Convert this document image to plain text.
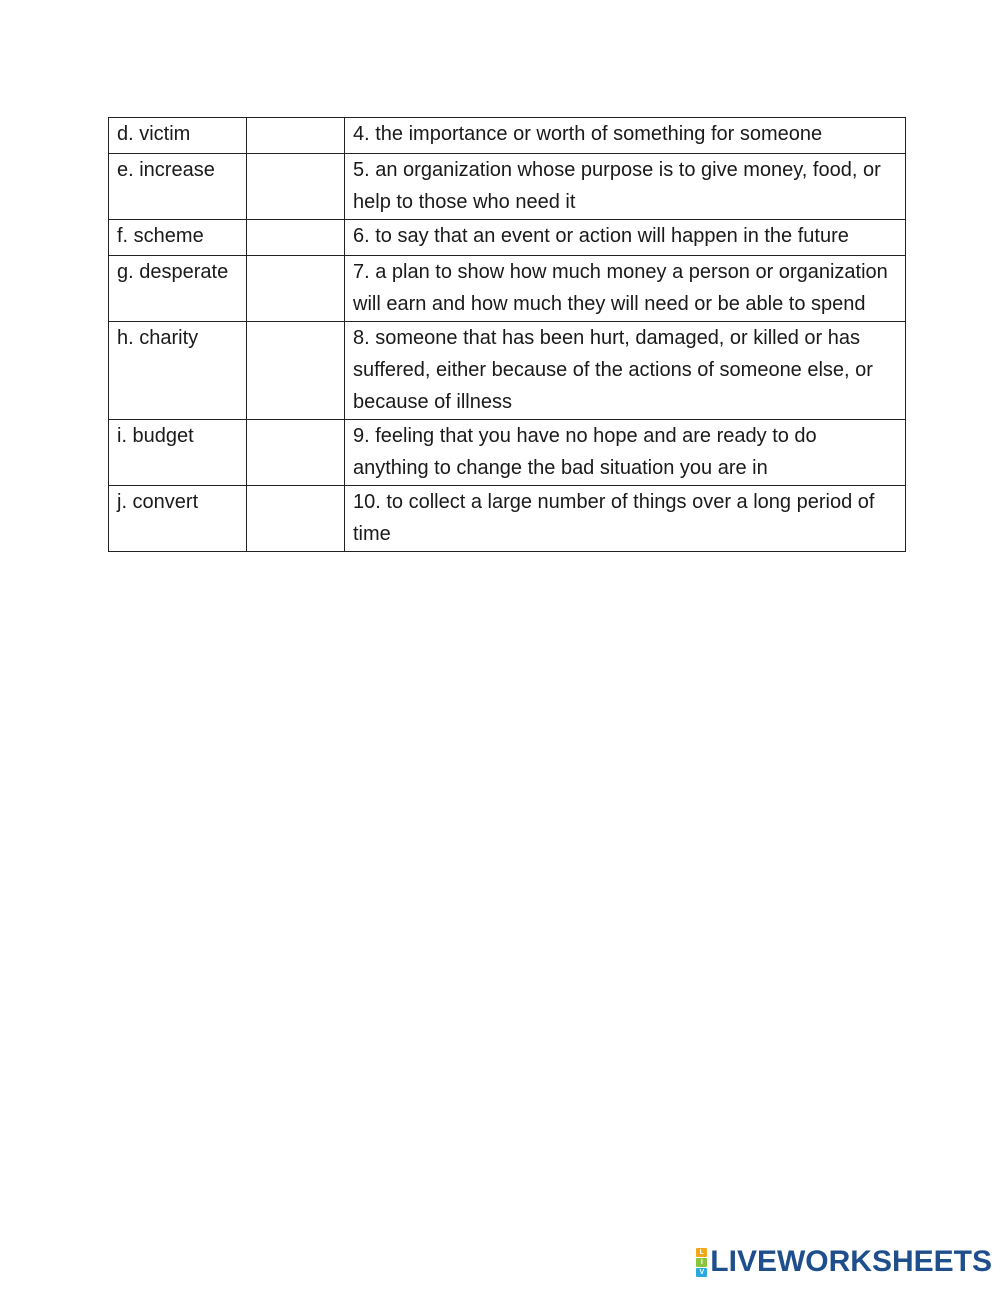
d. victim		4. the importance or worth of something for someone
e. increase		5. an organization whose purpose is to give money, food, or help to those who need it
f. scheme		6. to say that an event or action will happen in the future
g. desperate		7. a plan to show how much money a person or organization will earn and how much they will need or be able to spend
h. charity		8. someone that has been hurt, damaged, or killed or has suffered, either because of the actions of someone else, or because of illness
i. budget		9. feeling that you have no hope and are ready to do anything to change the bad situation you are in
j. convert		10. to collect a large number of things over a long period of time
L
I
V LIVEWORKSHEETS
